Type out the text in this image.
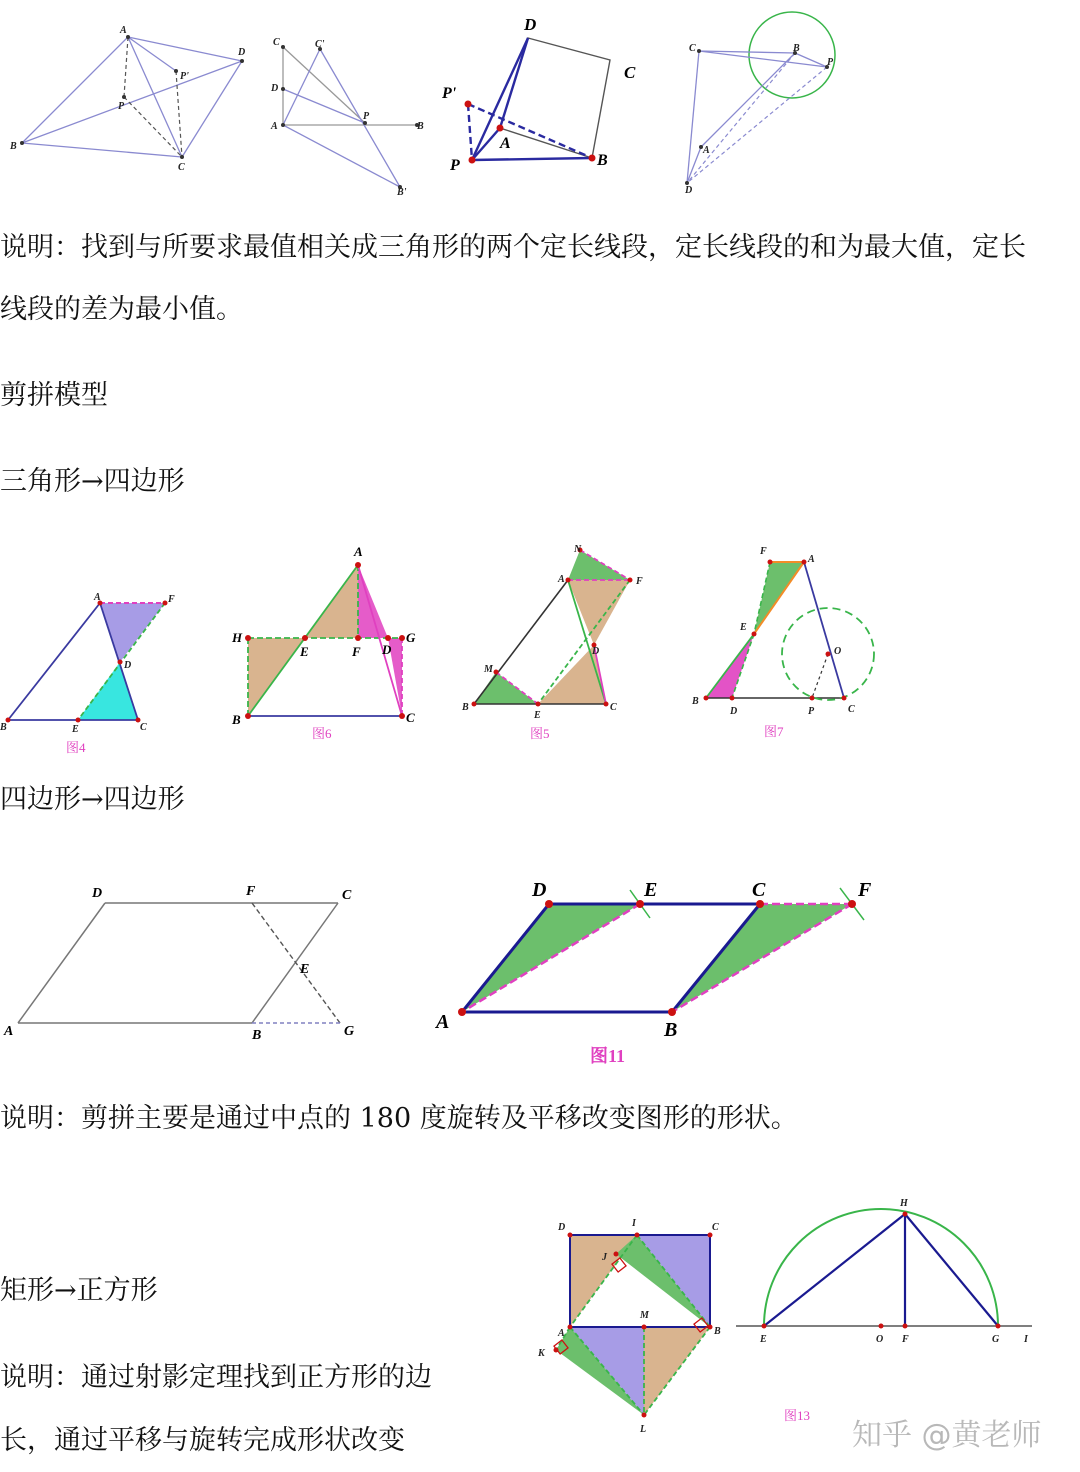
A
D
C
B
P
P'
C	C'
D
A
P
B
B'
D
C
P'
P
A
B
C	B
P
A
D

说明：找到与所要求最值相关成三角形的两个定长线段，定长线段的和为最大值，定长

线段的差为最小值。

剪拼模型

三角形→四边形

A	F
D
B	E	C
图4
A
H
E	F D
G
B	C
图6
N
A	F
D
M
B
E
C
图5
F
A
E
O
B
D	P	C
图7

四边形→四边形

D	F	C
E
A	B	G
D	E	C	F
A	B
图11

说明：剪拼主要是通过中点的 180 度旋转及平移改变图形的形状。

矩形→正方形

说明：通过射影定理找到正方形的边

长，通过平移与旋转完成形状改变

D	I	C
J
A
M
B
K
L
H
E	O F	G I
图13
知乎 @黄老师
